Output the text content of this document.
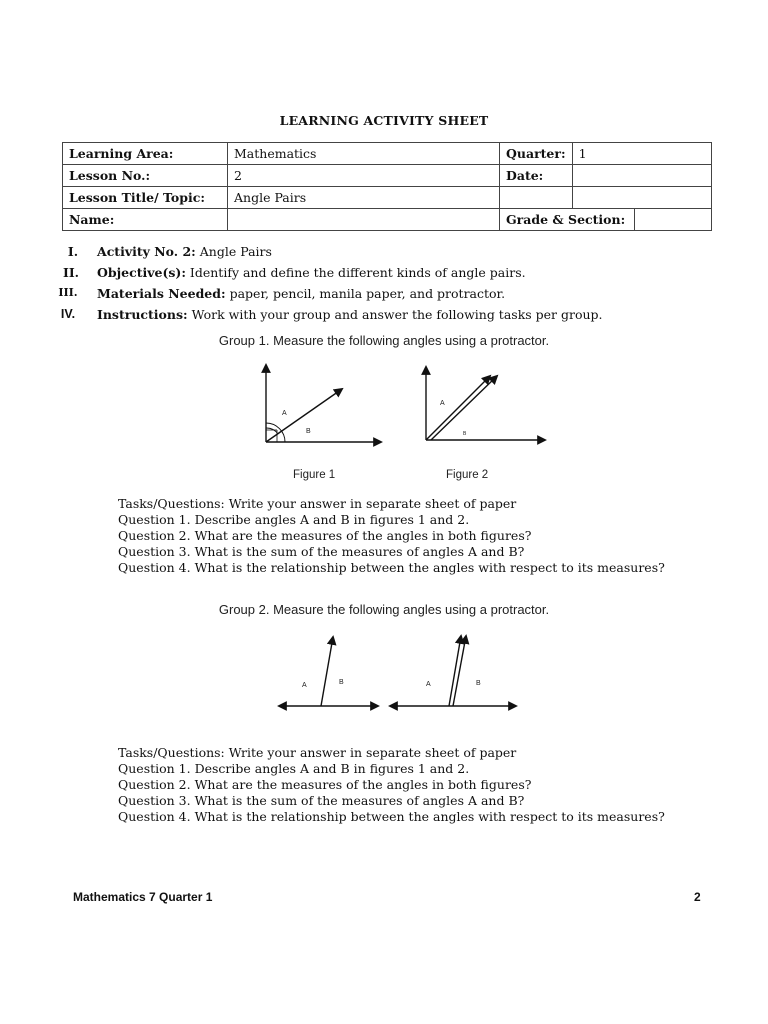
LEARNING ACTIVITY SHEET
Learning Area:	Mathematics	Quarter:	1	
Lesson No.:	2	Date:		
Lesson Title/ Topic:	Angle Pairs			
Name:		Grade & Section:		
I.	Activity No. 2: Angle Pairs
II.	Objective(s): Identify and define the different kinds of angle pairs.
III.	Materials Needed: paper, pencil, manila paper, and protractor.
IV.	Instructions: Work with your group and answer the following tasks per group.
Group 1. Measure the following angles using a protractor.
A
B
Figure 1
A
B
Figure 2
Tasks/Questions: Write your answer in separate sheet of paper
Question 1. Describe angles A and B in figures 1 and 2.
Question 2. What are the measures of the angles in both figures?
Question 3. What is the sum of the measures of angles A and B?
Question 4. What is the relationship between the angles with respect to its measures?
Group 2. Measure the following angles using a protractor.
A	B	A	B
Tasks/Questions: Write your answer in separate sheet of paper
Question 1. Describe angles A and B in figures 1 and 2.
Question 2. What are the measures of the angles in both figures?
Question 3. What is the sum of the measures of angles A and B?
Question 4. What is the relationship between the angles with respect to its measures?
Mathematics 7 Quarter 1	2
